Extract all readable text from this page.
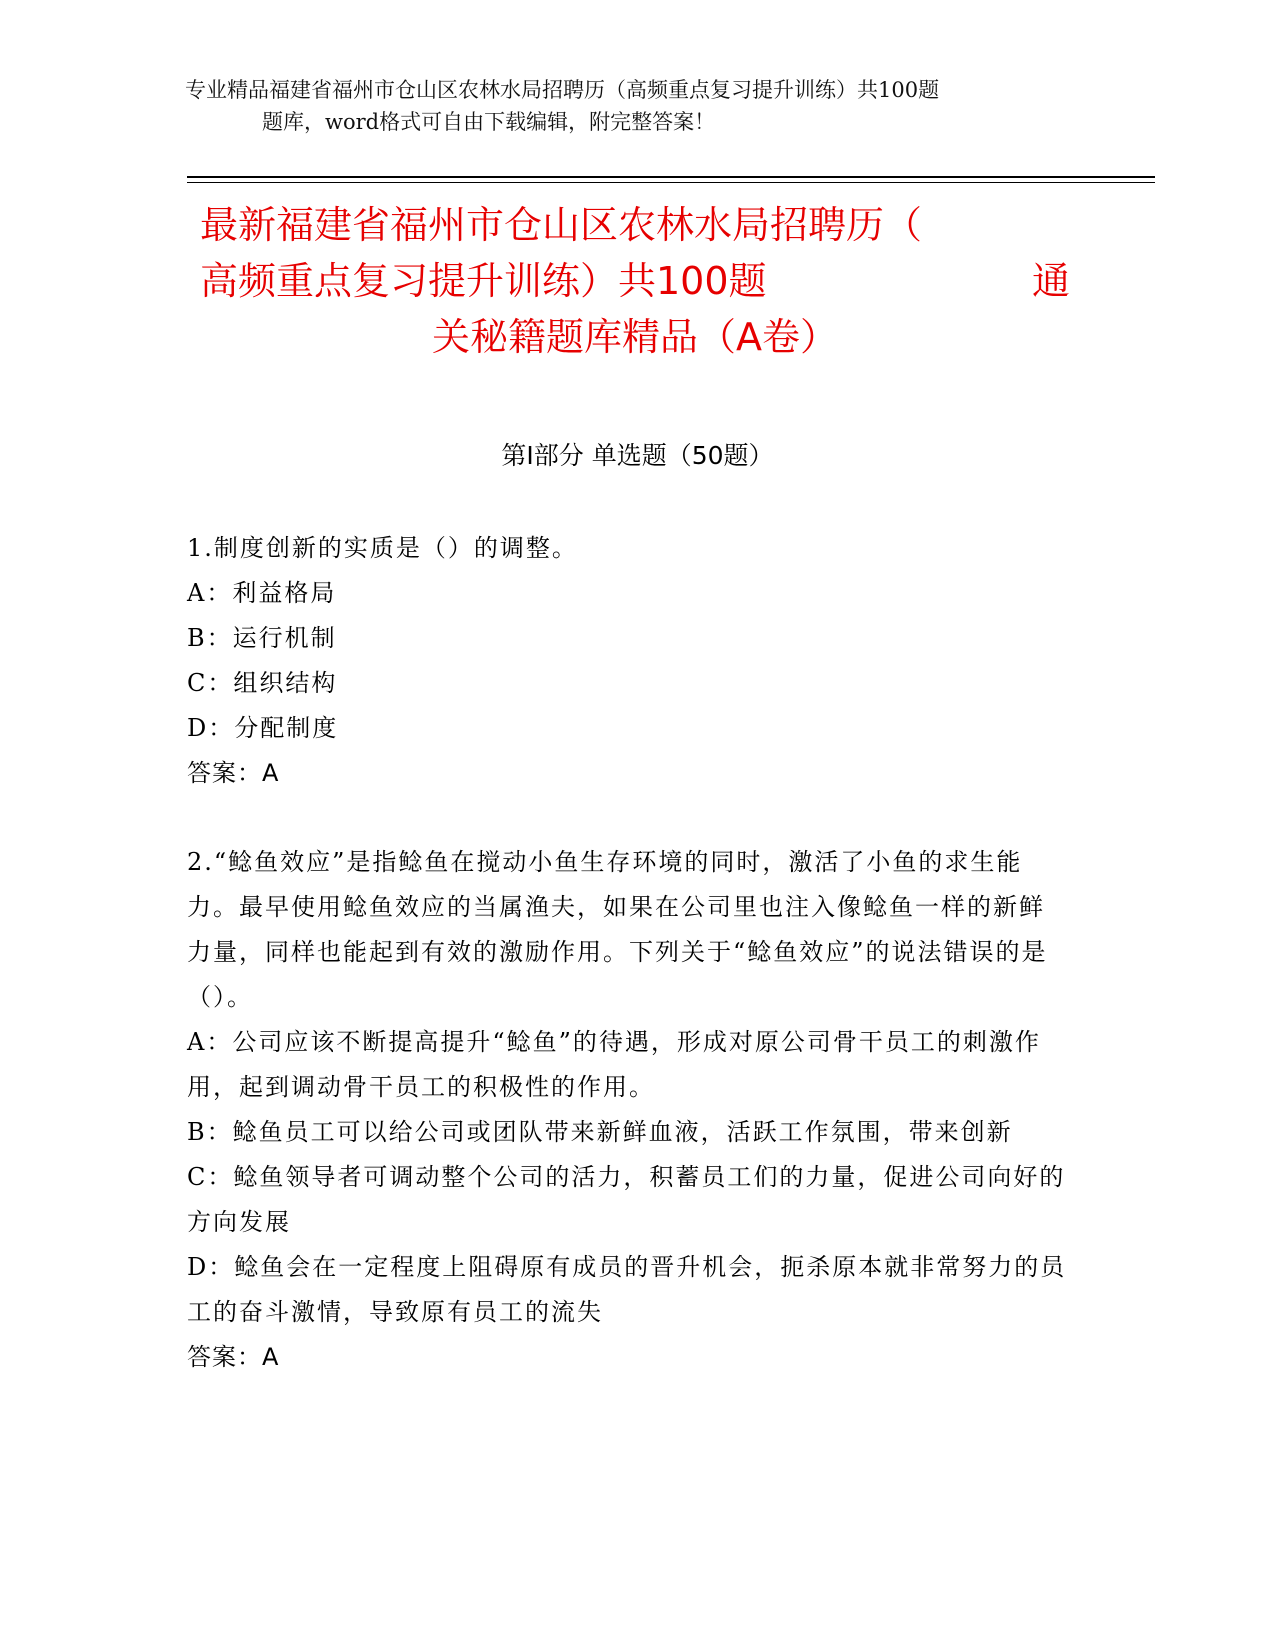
专业精品福建省福州市仓山区农林水局招聘历（高频重点复习提升训练）共100题
题库，word格式可自由下载编辑，附完整答案！
最新福建省福州市仓山区农林水局招聘历（
高频重点复习提升训练）共100题	通
关秘籍题库精品（A卷）
第Ⅰ部分 单选题（50题）

1.制度创新的实质是（）的调整。

A：利益格局

B：运行机制

C：组织结构

D：分配制度

答案：A

2.“鲶鱼效应”是指鲶鱼在搅动小鱼生存环境的同时，激活了小鱼的求生能力。最早使用鲶鱼效应的当属渔夫，如果在公司里也注入像鲶鱼一样的新鲜力量，同样也能起到有效的激励作用。下列关于“鲶鱼效应”的说法错误的是（）。

A：公司应该不断提高提升“鲶鱼”的待遇，形成对原公司骨干员工的刺激作用，起到调动骨干员工的积极性的作用。

B：鲶鱼员工可以给公司或团队带来新鲜血液，活跃工作氛围，带来创新

C：鲶鱼领导者可调动整个公司的活力，积蓄员工们的力量，促进公司向好的方向发展

D：鲶鱼会在一定程度上阻碍原有成员的晋升机会，扼杀原本就非常努力的员工的奋斗激情，导致原有员工的流失

答案：A
